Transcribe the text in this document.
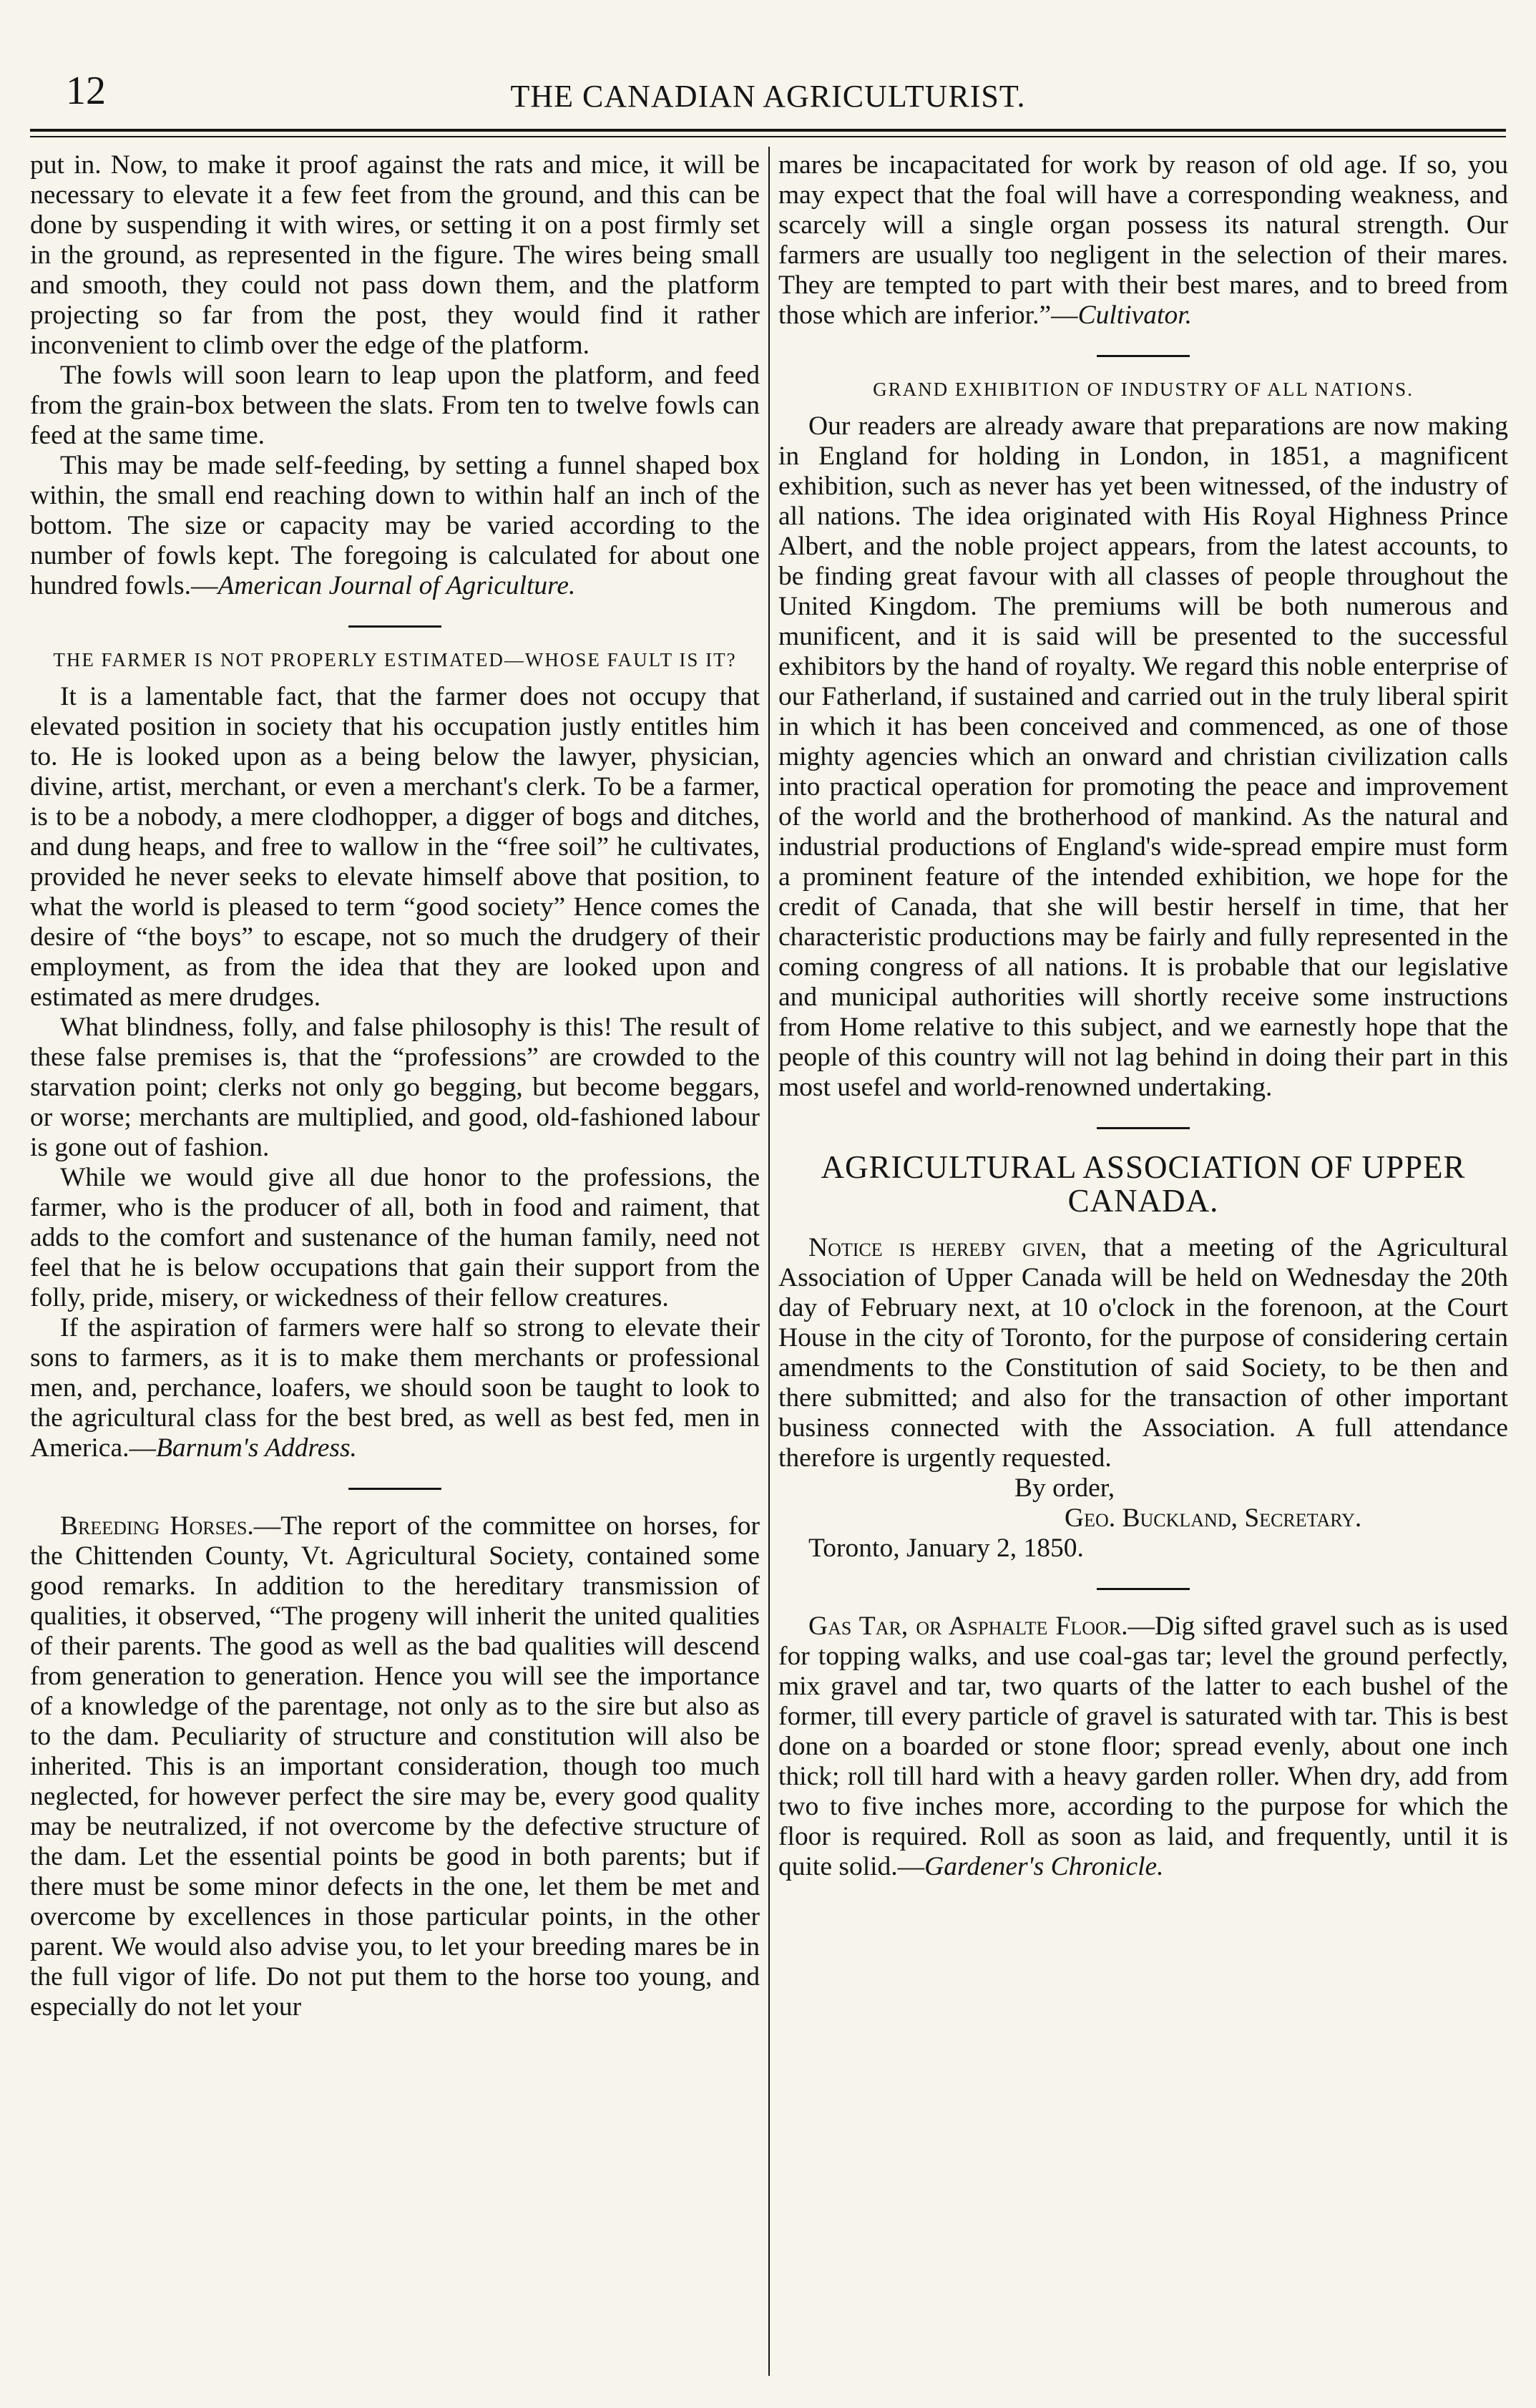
12	THE CANADIAN AGRICULTURIST.

put in. Now, to make it proof against the rats and mice, it will be necessary to elevate it a few feet from the ground, and this can be done by suspending it with wires, or setting it on a post firmly set in the ground, as represented in the figure. The wires being small and smooth, they could not pass down them, and the platform projecting so far from the post, they would find it rather inconvenient to climb over the edge of the platform.

The fowls will soon learn to leap upon the platform, and feed from the grain-box between the slats. From ten to twelve fowls can feed at the same time.

This may be made self-feeding, by setting a funnel shaped box within, the small end reaching down to within half an inch of the bottom. The size or capacity may be varied according to the number of fowls kept. The foregoing is calculated for about one hundred fowls.—American Journal of Agriculture.

THE FARMER IS NOT PROPERLY ESTIMATED—WHOSE FAULT IS IT?

It is a lamentable fact, that the farmer does not occupy that elevated position in society that his occupation justly entitles him to. He is looked upon as a being below the lawyer, physician, divine, artist, merchant, or even a merchant's clerk. To be a farmer, is to be a nobody, a mere clodhopper, a digger of bogs and ditches, and dung heaps, and free to wallow in the “free soil” he cultivates, provided he never seeks to elevate himself above that position, to what the world is pleased to term “good society” Hence comes the desire of “the boys” to escape, not so much the drudgery of their employment, as from the idea that they are looked upon and estimated as mere drudges.

What blindness, folly, and false philosophy is this! The result of these false premises is, that the “professions” are crowded to the starvation point; clerks not only go begging, but become beggars, or worse; merchants are multiplied, and good, old-fashioned labour is gone out of fashion.

While we would give all due honor to the professions, the farmer, who is the producer of all, both in food and raiment, that adds to the comfort and sustenance of the human family, need not feel that he is below occupations that gain their support from the folly, pride, misery, or wickedness of their fellow creatures.

If the aspiration of farmers were half so strong to elevate their sons to farmers, as it is to make them merchants or professional men, and, perchance, loafers, we should soon be taught to look to the agricultural class for the best bred, as well as best fed, men in America.—Barnum's Address.

Breeding Horses.—The report of the committee on horses, for the Chittenden County, Vt. Agricultural Society, contained some good remarks. In addition to the hereditary transmission of qualities, it observed, “The progeny will inherit the united qualities of their parents. The good as well as the bad qualities will descend from generation to generation. Hence you will see the importance of a knowledge of the parentage, not only as to the sire but also as to the dam. Peculiarity of structure and constitution will also be inherited. This is an important consideration, though too much neglected, for however perfect the sire may be, every good quality may be neutralized, if not overcome by the defective structure of the dam. Let the essential points be good in both parents; but if there must be some minor defects in the one, let them be met and overcome by excellences in those particular points, in the other parent. We would also advise you, to let your breeding mares be in the full vigor of life. Do not put them to the horse too young, and especially do not let your

mares be incapacitated for work by reason of old age. If so, you may expect that the foal will have a corresponding weakness, and scarcely will a single organ possess its natural strength. Our farmers are usually too negligent in the selection of their mares. They are tempted to part with their best mares, and to breed from those which are inferior.”—Cultivator.

GRAND EXHIBITION OF INDUSTRY OF ALL NATIONS.

Our readers are already aware that preparations are now making in England for holding in London, in 1851, a magnificent exhibition, such as never has yet been witnessed, of the industry of all nations. The idea originated with His Royal Highness Prince Albert, and the noble project appears, from the latest accounts, to be finding great favour with all classes of people throughout the United Kingdom. The premiums will be both numerous and munificent, and it is said will be presented to the successful exhibitors by the hand of royalty. We regard this noble enterprise of our Fatherland, if sustained and carried out in the truly liberal spirit in which it has been conceived and commenced, as one of those mighty agencies which an onward and christian civilization calls into practical operation for promoting the peace and improvement of the world and the brotherhood of mankind. As the natural and industrial productions of England's wide-spread empire must form a prominent feature of the intended exhibition, we hope for the credit of Canada, that she will bestir herself in time, that her characteristic productions may be fairly and fully represented in the coming congress of all nations. It is probable that our legislative and municipal authorities will shortly receive some instructions from Home relative to this subject, and we earnestly hope that the people of this country will not lag behind in doing their part in this most usefel and world-renowned undertaking.

AGRICULTURAL ASSOCIATION OF UPPER CANADA.

Notice is hereby given, that a meeting of the Agricultural Association of Upper Canada will be held on Wednesday the 20th day of February next, at 10 o'clock in the forenoon, at the Court House in the city of Toronto, for the purpose of considering certain amendments to the Constitution of said Society, to be then and there submitted; and also for the transaction of other important business connected with the Association. A full attendance therefore is urgently requested.

By order,

Geo. Buckland, Secretary.

Toronto, January 2, 1850.

Gas Tar, or Asphalte Floor.—Dig sifted gravel such as is used for topping walks, and use coal-gas tar; level the ground perfectly, mix gravel and tar, two quarts of the latter to each bushel of the former, till every particle of gravel is saturated with tar. This is best done on a boarded or stone floor; spread evenly, about one inch thick; roll till hard with a heavy garden roller. When dry, add from two to five inches more, according to the purpose for which the floor is required. Roll as soon as laid, and frequently, until it is quite solid.—Gardener's Chronicle.
